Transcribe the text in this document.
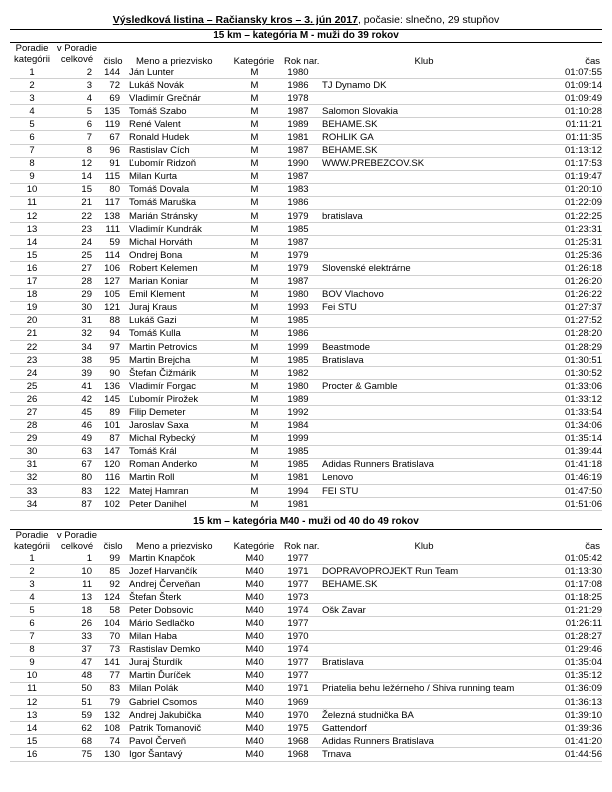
Výsledková listina – Račiansky kros – 3. jún 2017, počasie: slnečno, 29 stupňov
15 km – kategória M - muži do 39 rokov
Poradie
kategórii
v Poradie
celkové	čislo	Meno a priezvisko	Kategórie	Rok nar.	Klub	čas
1	2	144	Ján Lunter	M	1980		01:07:55
2	3	72	Lukáš Novák	M	1986	TJ Dynamo DK	01:09:14
3	4	69	Vladimír Grečnár	M	1978		01:09:49
4	5	135	Tomáš Szabo	M	1987	Salomon Slovakia	01:10:28
5	6	119	René Valent	M	1989	BEHAME.SK	01:11:21
6	7	67	Ronald Hudek	M	1981	ROHLIK GA	01:11:35
7	8	96	Rastislav Cích	M	1987	BEHAME.SK	01:13:12
8	12	91	Ľubomír Ridzoň	M	1990	WWW.PREBEZCOV.SK	01:17:53
9	14	115	Milan Kurta	M	1987		01:19:47
10	15	80	Tomáš Dovala	M	1983		01:20:10
11	21	117	Tomáš Maruška	M	1986		01:22:09
12	22	138	Marián Stránsky	M	1979	bratislava	01:22:25
13	23	111	Vladimír Kundrák	M	1985		01:23:31
14	24	59	Michal Horváth	M	1987		01:25:31
15	25	114	Ondrej Bona	M	1979		01:25:36
16	27	106	Robert Kelemen	M	1979	Slovenské elektrárne	01:26:18
17	28	127	Marian Koniar	M	1987		01:26:20
18	29	105	Emil Klement	M	1980	BOV Vlachovo	01:26:22
19	30	121	Juraj Kraus	M	1993	Fei STU	01:27:37
20	31	88	Lukáš Gazi	M	1985		01:27:52
21	32	94	Tomáš Kulla	M	1986		01:28:20
22	34	97	Martin Petrovics	M	1999	Beastmode	01:28:29
23	38	95	Martin Brejcha	M	1985	Bratislava	01:30:51
24	39	90	Štefan Čižmárik	M	1982		01:30:52
25	41	136	Vladimír Forgac	M	1980	Procter & Gamble	01:33:06
26	42	145	Ľubomír Pirožek	M	1989		01:33:12
27	45	89	Filip Demeter	M	1992		01:33:54
28	46	101	Jaroslav Saxa	M	1984		01:34:06
29	49	87	Michal Rybecký	M	1999		01:35:14
30	63	147	Tomáš Král	M	1985		01:39:44
31	67	120	Roman Anderko	M	1985	Adidas Runners Bratislava	01:41:18
32	80	116	Martin Roll	M	1981	Lenovo	01:46:19
33	83	122	Matej Hamran	M	1994	FEI STU	01:47:50
34	87	102	Peter Danihel	M	1981		01:51:06
15 km – kategória M40 - muži od 40 do 49 rokov
Poradie
kategórii
v Poradie
celkové	čislo	Meno a priezvisko	Kategórie	Rok nar.	Klub	čas
1	1	99	Martin Knapčok	M40	1977		01:05:42
2	10	85	Jozef Harvančík	M40	1971	DOPRAVOPROJEKT Run Team	01:13:30
3	11	92	Andrej Červeňan	M40	1977	BEHAME.SK	01:17:08
4	13	124	Štefan Šterk	M40	1973		01:18:25
5	18	58	Peter Dobsovic	M40	1974	Ošk Zavar	01:21:29
6	26	104	Mário Sedlačko	M40	1977		01:26:11
7	33	70	Milan Haba	M40	1970		01:28:27
8	37	73	Rastislav Demko	M40	1974		01:29:46
9	47	141	Juraj Šturdík	M40	1977	Bratislava	01:35:04
10	48	77	Martin Ďuríček	M40	1977		01:35:12
11	50	83	Milan Polák	M40	1971	Priatelia behu ležérneho / Shiva running team	01:36:09
12	51	79	Gabriel Csomos	M40	1969		01:36:13
13	59	132	Andrej Jakubička	M40	1970	Železná studnička BA	01:39:10
14	62	108	Patrik Tomanovič	M40	1975	Gattendorf	01:39:36
15	68	74	Pavol Červeň	M40	1968	Adidas Runners Bratislava	01:41:20
16	75	130	Igor Šantavý	M40	1968	Trnava	01:44:56
